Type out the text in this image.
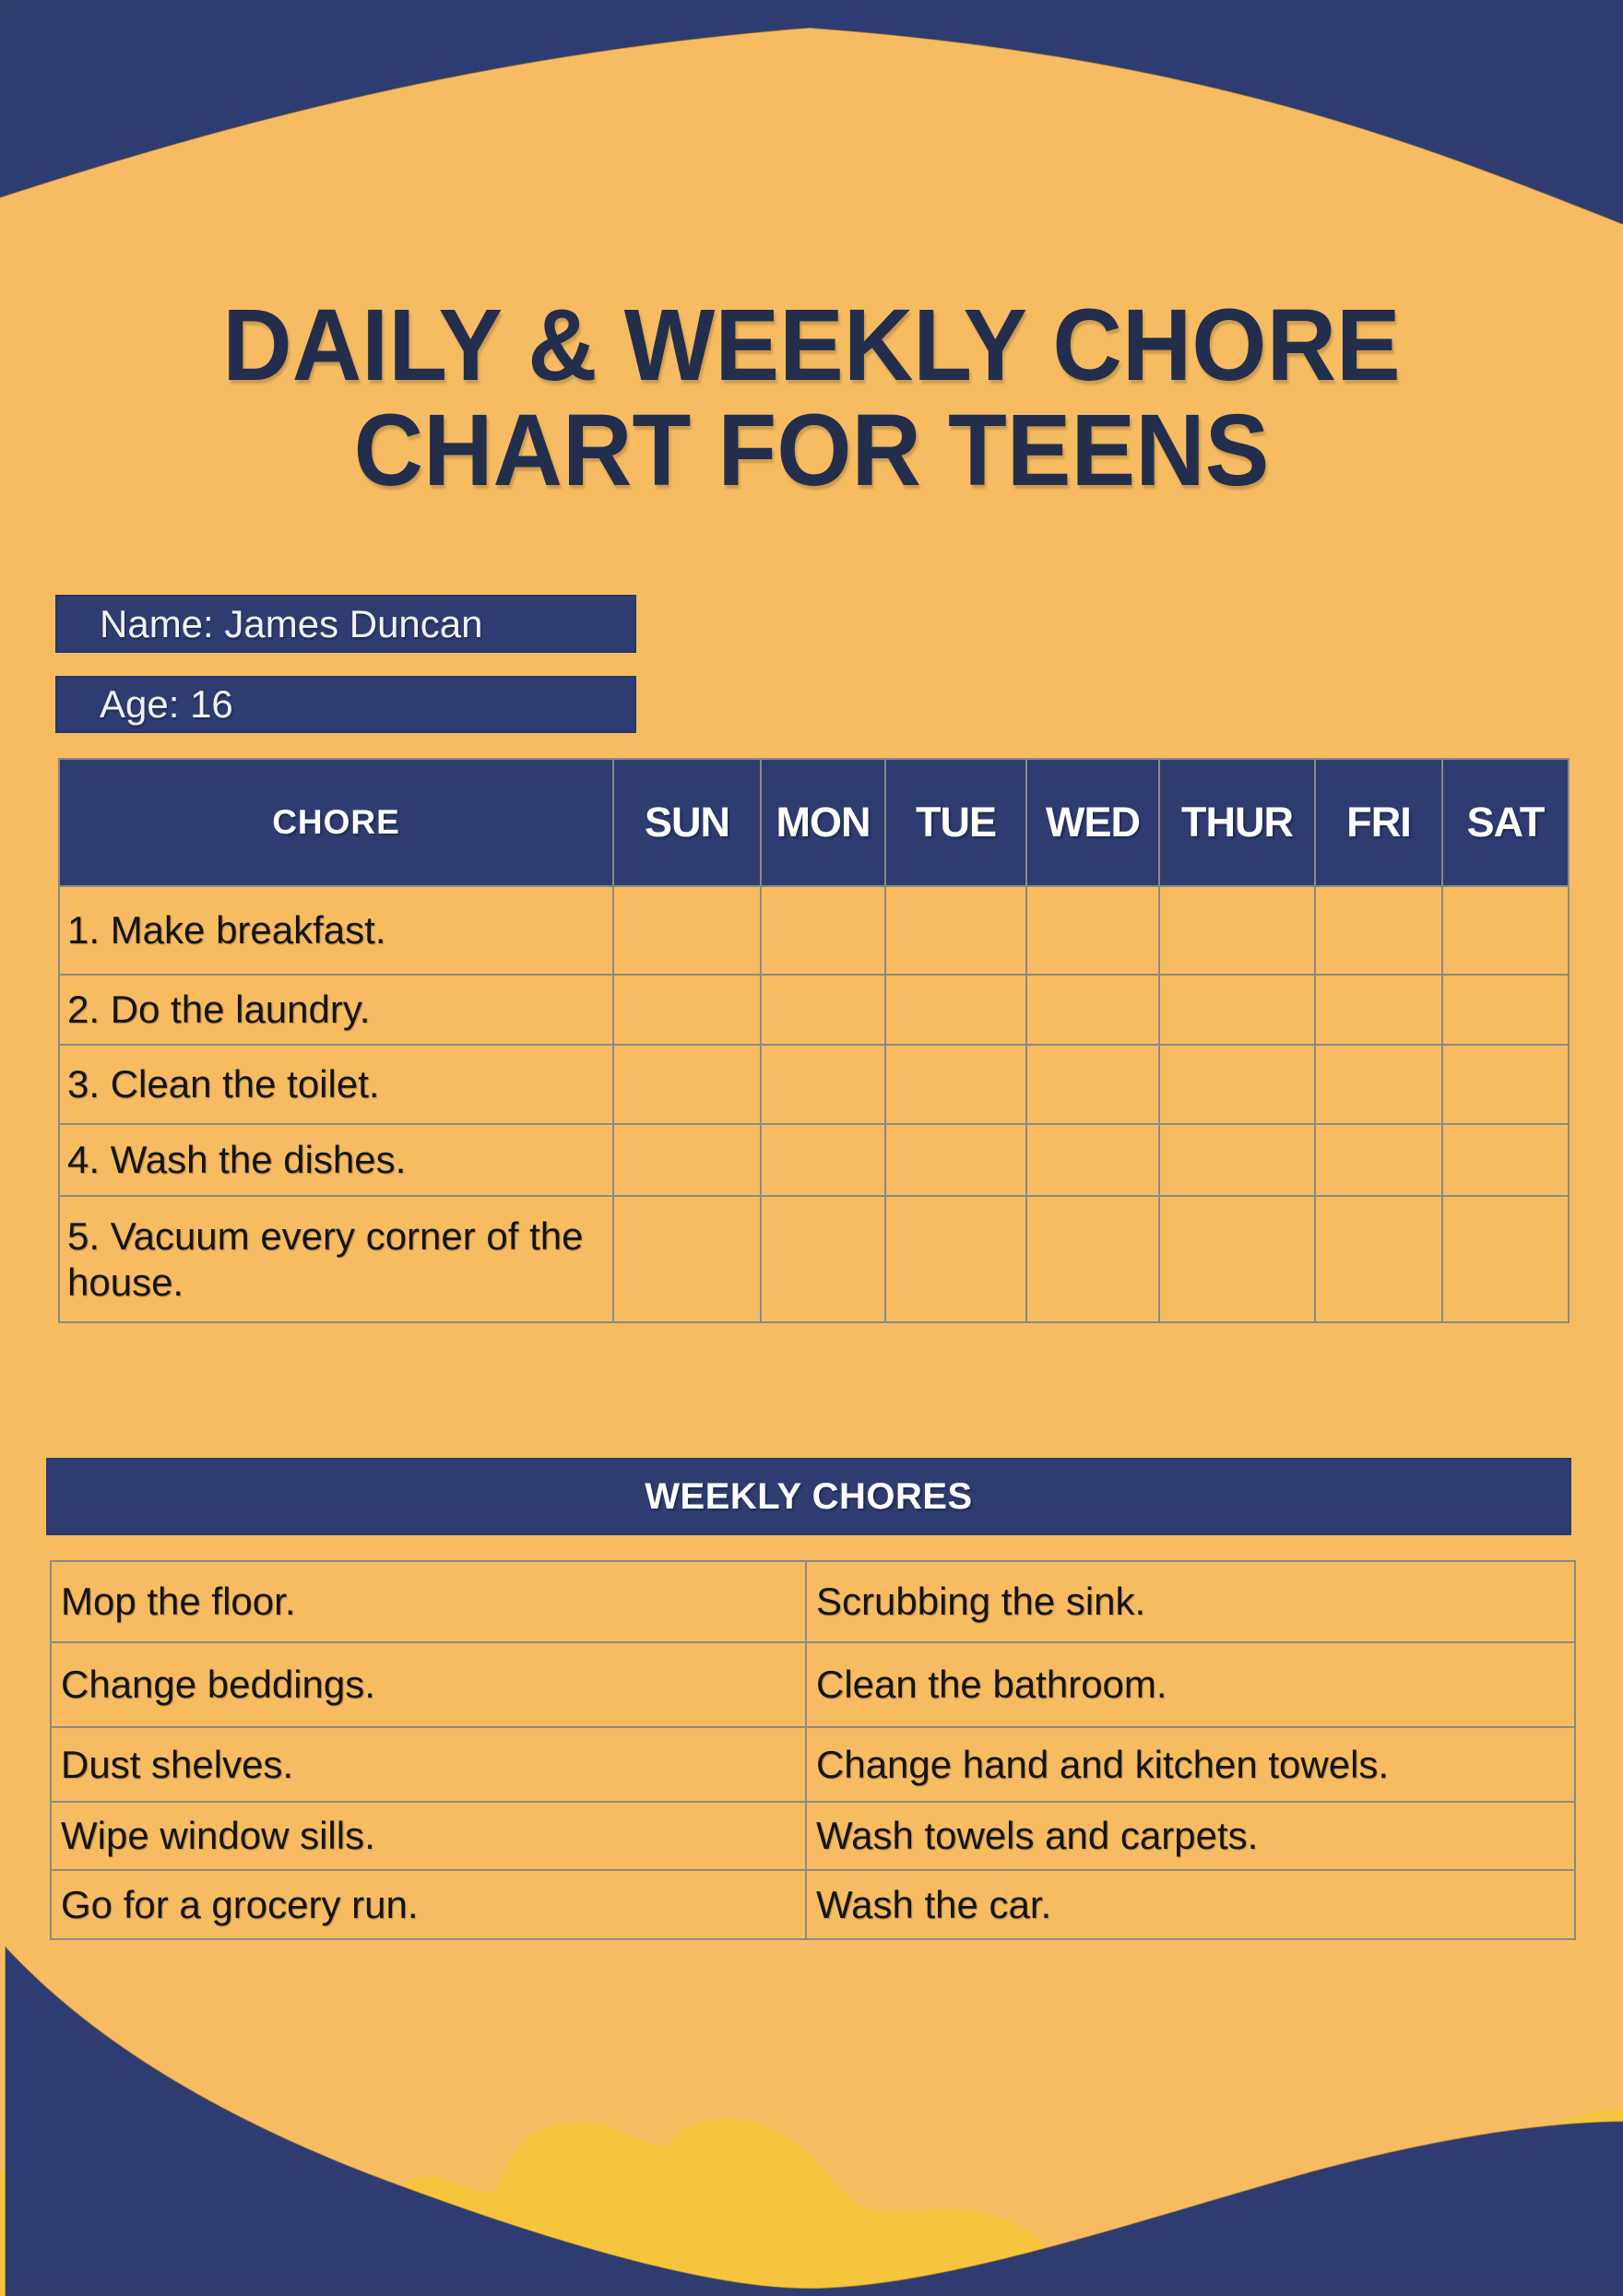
DAILY & WEEKLY CHORE
CHART FOR TEENS
Name: James Duncan
Age: 16
CHORE	SUN	MON	TUE	WED	THUR	FRI	SAT
1. Make breakfast.							
2. Do the laundry.							
3. Clean the toilet.							
4. Wash the dishes.							
5. Vacuum every corner of the house.							
WEEKLY CHORES
Mop the floor.	Scrubbing the sink.
Change beddings.	Clean the bathroom.
Dust shelves.	Change hand and kitchen towels.
Wipe window sills.	Wash towels and carpets.
Go for a grocery run.	Wash the car.
